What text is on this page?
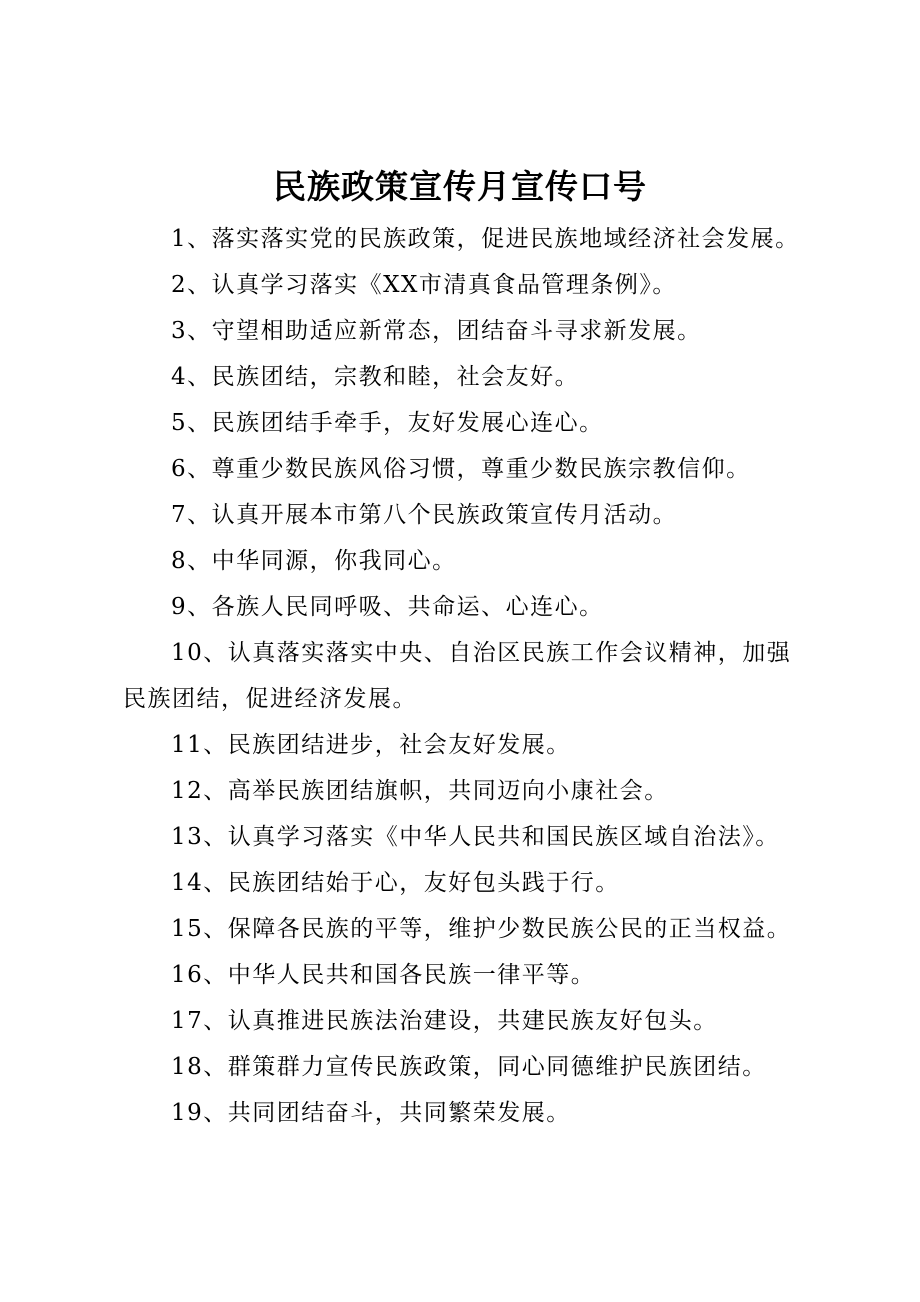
民族政策宣传月宣传口号
1、落实落实党的民族政策，促进民族地域经济社会发展。
2、认真学习落实《XX市清真食品管理条例》。
3、守望相助适应新常态，团结奋斗寻求新发展。
4、民族团结，宗教和睦，社会友好。
5、民族团结手牵手，友好发展心连心。
6、尊重少数民族风俗习惯，尊重少数民族宗教信仰。
7、认真开展本市第八个民族政策宣传月活动。
8、中华同源，你我同心。
9、各族人民同呼吸、共命运、心连心。
10、认真落实落实中央、自治区民族工作会议精神，加强民族团结，促进经济发展。
11、民族团结进步，社会友好发展。
12、高举民族团结旗帜，共同迈向小康社会。
13、认真学习落实《中华人民共和国民族区域自治法》。
14、民族团结始于心，友好包头践于行。
15、保障各民族的平等，维护少数民族公民的正当权益。
16、中华人民共和国各民族一律平等。
17、认真推进民族法治建设，共建民族友好包头。
18、群策群力宣传民族政策，同心同德维护民族团结。
19、共同团结奋斗，共同繁荣发展。
